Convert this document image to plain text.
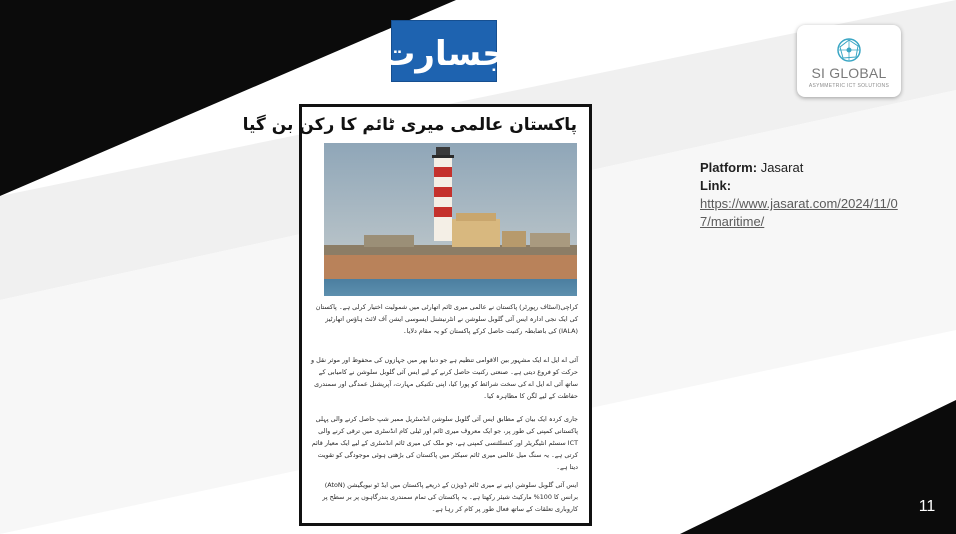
جسارت	SI GLOBAL
ASYMMETRIC ICT SOLUTIONS
پاکستان عالمی میری ٹائم کا رکن بن گیا
کراچی(اسٹاف رپورٹر) پاکستان نے عالمی میری ٹائم اتھارٹی میں شمولیت اختیار کرلی ہے۔ پاکستان کی ایک نجی ادارہ ایس آئی گلوبل سلوشن نے انٹرنیشنل ایسوسی ایشن آف لائٹ ہاؤس اتھارٹیز (IALA) کی باضابطہ رکنیت حاصل کرکے پاکستان کو یہ مقام دلایا۔
آئی اے ایل اے ایک مشہور بین الاقوامی تنظیم ہے جو دنیا بھر میں جہازوں کی محفوظ اور موثر نقل و حرکت کو فروغ دیتی ہے۔ صنعتی رکنیت حاصل کرنے کے لیے ایس آئی گلوبل سلوشن نے کامیابی کے ساتھ آئی اے ایل اے کی سخت شرائط کو پورا کیا، اپنی تکنیکی مہارت، آپریشنل عمدگی اور سمندری حفاظت کے لیے لگن کا مظاہرہ کیا۔
جاری کردہ ایک بیان کے مطابق ایس آئی گلوبل سلوشن انڈسٹریل ممبر شپ حاصل کرنے والی پہلی پاکستانی کمپنی کی طور پر، جو ایک معروف میری ٹائم اور ٹیلی کام انڈسٹری میں ترقی کرنے والی ICT سسٹم انٹیگریٹر اور کنسلٹنسی کمپنی ہے، جو ملک کی میری ٹائم انڈسٹری کے لیے ایک معیار قائم کرتی ہے۔ یہ سنگ میل عالمی میری ٹائم سیکٹر میں پاکستان کی بڑھتی ہوئی موجودگی کو تقویت دیتا ہے۔
ایس آئی گلوبل سلوشن اپنے نے میری ٹائم ڈویژن کے ذریعے پاکستان میں ایڈ ٹو نیویگیشن (AtoN) برانس کا 100% مارکیٹ شیئر رکھتا ہے۔ یہ پاکستان کی تمام سمندری بندرگاہوں پر بر سطح پر کاروباری تعلقات کے ساتھ فعال طور پر کام کر رہا ہے۔
Platform: Jasarat
Link:
https://www.jasarat.com/2024/11/07/maritime/
11
